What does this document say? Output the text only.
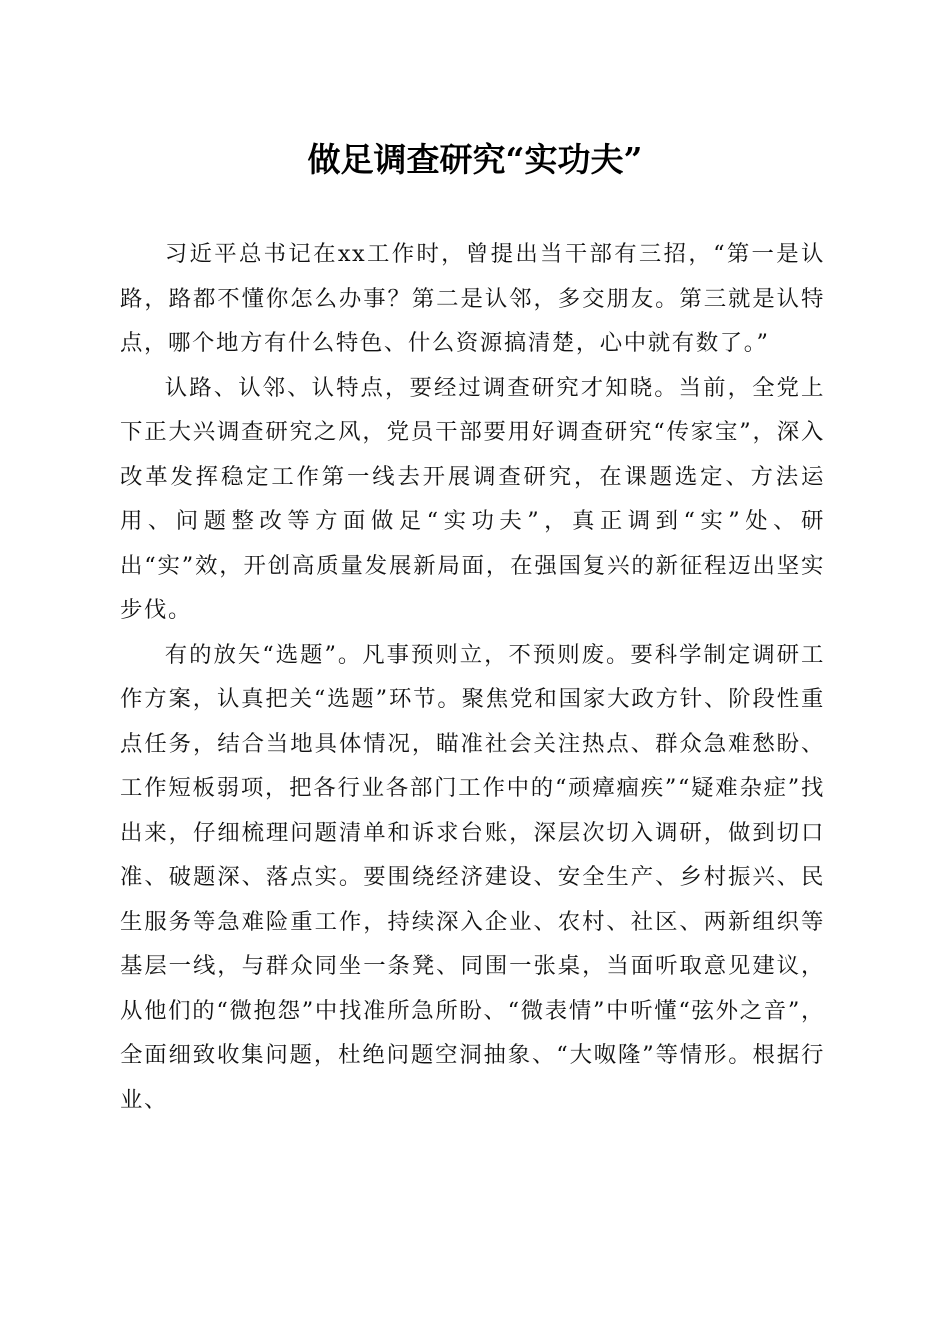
做足调查研究“实功夫”

习近平总书记在xx工作时，曾提出当干部有三招，“第一是认路，路都不懂你怎么办事？第二是认邻，多交朋友。第三就是认特点，哪个地方有什么特色、什么资源搞清楚，心中就有数了。”

认路、认邻、认特点，要经过调查研究才知晓。当前，全党上下正大兴调查研究之风，党员干部要用好调查研究“传家宝”，深入改革发挥稳定工作第一线去开展调查研究，在课题选定、方法运用、问题整改等方面做足“实功夫”，真正调到“实”处、研出“实”效，开创高质量发展新局面，在强国复兴的新征程迈出坚实步伐。

有的放矢“选题”。凡事预则立，不预则废。要科学制定调研工作方案，认真把关“选题”环节。聚焦党和国家大政方针、阶段性重点任务，结合当地具体情况，瞄准社会关注热点、群众急难愁盼、工作短板弱项，把各行业各部门工作中的“顽瘴痼疾”“疑难杂症”找出来，仔细梳理问题清单和诉求台账，深层次切入调研，做到切口准、破题深、落点实。要围绕经济建设、安全生产、乡村振兴、民生服务等急难险重工作，持续深入企业、农村、社区、两新组织等基层一线，与群众同坐一条凳、同围一张桌，当面听取意见建议，从他们的“微抱怨”中找准所急所盼、“微表情”中听懂“弦外之音”，全面细致收集问题，杜绝问题空洞抽象、“大呶隆”等情形。根据行业、
